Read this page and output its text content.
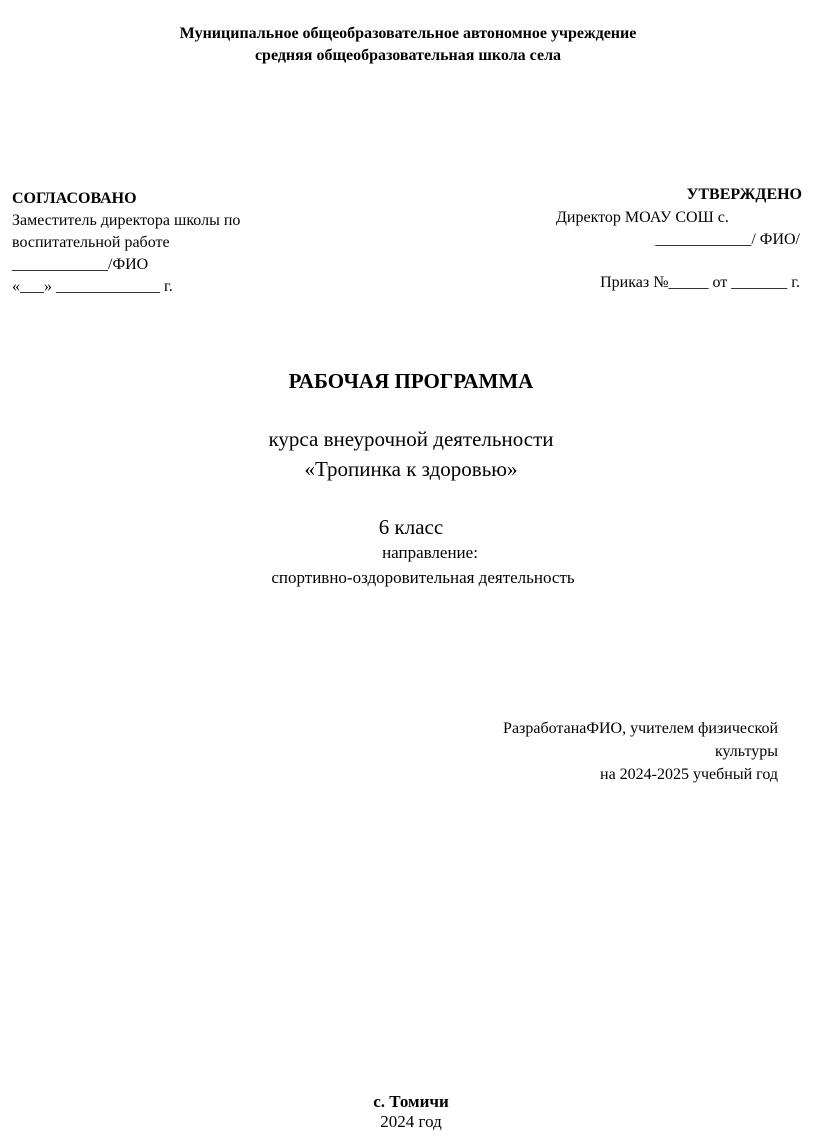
Муниципальное общеобразовательное автономное учреждение

средняя общеобразовательная школа села

СОГЛАСОВАНО

Заместитель директора школы по

воспитательной работе

____________/ФИО

«___» _____________ г.

УТВЕРЖДЕНО

Директор МОАУ СОШ с.

____________/ ФИО/

Приказ №_____ от _______ г.

РАБОЧАЯ ПРОГРАММА

курса внеурочной деятельности

«Тропинка к здоровью»

6 класс

направление:

спортивно-оздоровительная деятельность

РазработанаФИО, учителем физической

культуры

на 2024-2025 учебный год

с. Томичи

2024 год
